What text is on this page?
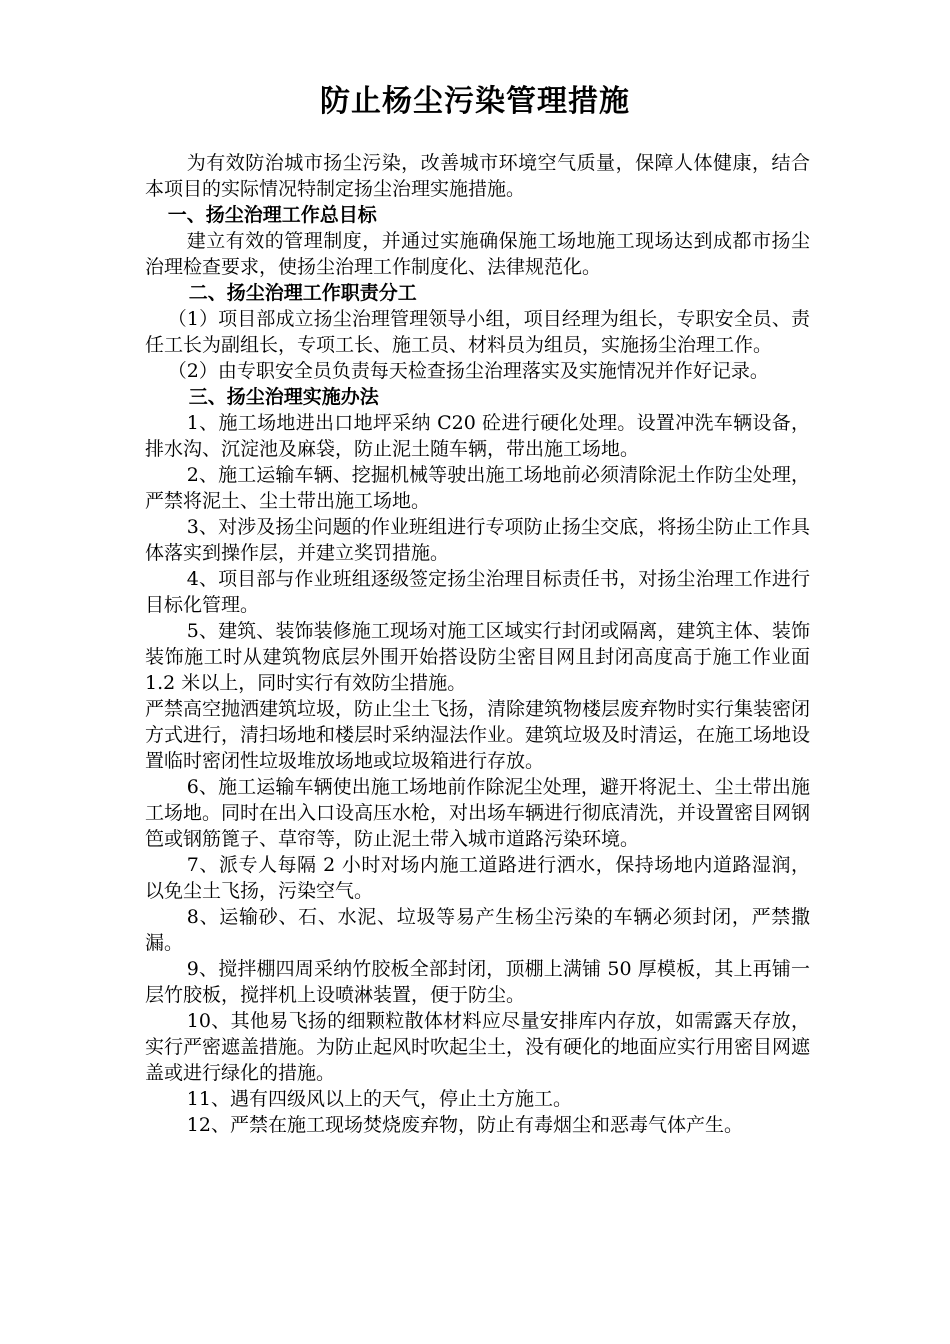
防止杨尘污染管理措施

为有效防治城市扬尘污染，改善城市环境空气质量，保障人体健康，结合本项目的实际情况特制定扬尘治理实施措施。

一、扬尘治理工作总目标

建立有效的管理制度，并通过实施确保施工场地施工现场达到成都市扬尘治理检查要求，使扬尘治理工作制度化、法律规范化。

二、扬尘治理工作职责分工

（1）项目部成立扬尘治理管理领导小组，项目经理为组长，专职安全员、责任工长为副组长，专项工长、施工员、材料员为组员，实施扬尘治理工作。

（2）由专职安全员负责每天检查扬尘治理落实及实施情况并作好记录。

三、扬尘治理实施办法

1、施工场地进出口地坪采纳 C20 砼进行硬化处理。设置冲洗车辆设备，排水沟、沉淀池及麻袋，防止泥土随车辆，带出施工场地。

2、施工运输车辆、挖掘机械等驶出施工场地前必须清除泥土作防尘处理，严禁将泥土、尘土带出施工场地。

3、对涉及扬尘问题的作业班组进行专项防止扬尘交底，将扬尘防止工作具体落实到操作层，并建立奖罚措施。

4、项目部与作业班组逐级签定扬尘治理目标责任书，对扬尘治理工作进行目标化管理。

5、建筑、装饰装修施工现场对施工区域实行封闭或隔离，建筑主体、装饰装饰施工时从建筑物底层外围开始搭设防尘密目网且封闭高度高于施工作业面 1.2 米以上，同时实行有效防尘措施。

严禁高空抛洒建筑垃圾，防止尘土飞扬，清除建筑物楼层废弃物时实行集装密闭方式进行，清扫场地和楼层时采纳湿法作业。建筑垃圾及时清运，在施工场地设置临时密闭性垃圾堆放场地或垃圾箱进行存放。

6、施工运输车辆使出施工场地前作除泥尘处理，避开将泥土、尘土带出施工场地。同时在出入口设高压水枪，对出场车辆进行彻底清洗，并设置密目网钢笆或钢筋篦子、草帘等，防止泥土带入城市道路污染环境。

7、派专人每隔 2 小时对场内施工道路进行洒水，保持场地内道路湿润，以免尘土飞扬，污染空气。

8、运输砂、石、水泥、垃圾等易产生杨尘污染的车辆必须封闭，严禁撒漏。

9、搅拌棚四周采纳竹胶板全部封闭，顶棚上满铺 50 厚模板，其上再铺一层竹胶板，搅拌机上设喷淋装置，便于防尘。

10、其他易飞扬的细颗粒散体材料应尽量安排库内存放，如需露天存放，实行严密遮盖措施。为防止起风时吹起尘土，没有硬化的地面应实行用密目网遮盖或进行绿化的措施。

11、遇有四级风以上的天气，停止土方施工。

12、严禁在施工现场焚烧废弃物，防止有毒烟尘和恶毒气体产生。
